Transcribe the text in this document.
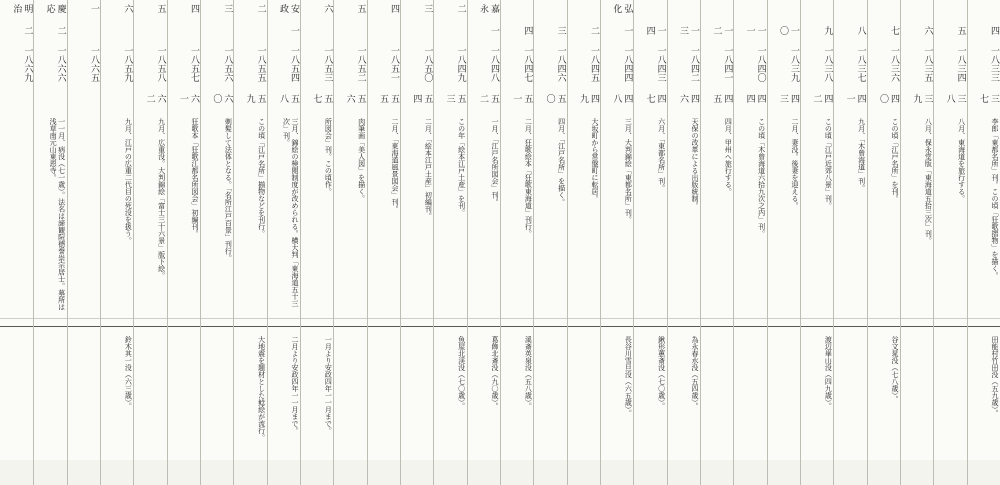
明治
二
一八六九
慶応
二
一八六六
一一月、病没（七一歳）。法名は諦観院德誉崇宗居士。墓所は浅草南元山東恩寺。
一
一八六五
六
一八五九
九月、江戸の広重二代目の死没を扱う。
鈴木其一没（六三歳）。
五
一八五八
六二
九月、広重没。大判錦絵「富士三十六景」版下絵。
四
一八五七
六一
狂歌本「狂歌江都名所図会」初編刊。
三
一八五六
六〇
剃髪して法体となる。「名所江戸百景」刊行。
二
一八五五
五九
この頃「江戸名所」揃物などを刊行。
大地震を題材とした鯰絵が流行。
安政
一
一八五四
五八
三月、錦絵の検閲制度が改められる。横大判「東海道五十三次」刊。
二月より安政四年一一月まで。
六
一八五三
五七
所図会」刊。この頃作。
一月より安政四年一一月まで。
五
一八五二
五六
肉筆画「美人図」を描く。
四
一八五一
五五
二月、「東海道風景図会」刊。
三
一八五〇
五四
二月、「絵本江戸土産」初編刊。
二
一八四九
五三
この年「絵本江戸土産」を刊。
魚屋北渓没（七〇歳）。
嘉永
一
一八四八
五二
一月、「江戸名所図会」刊。
葛飾北斎没（九〇歳）。
四
一八四七
五一
二月、狂歌絵本「狂歌東海道」刊行。
溪斎英泉没（五八歳）。
三
一八四六
五〇
四月、「江戸名所」を描く。
二
一八四五
四九
大坂町から常盤町に転居。
弘化
一
一八四四
四八
三月、大判錦絵「東都名所」刊。
長谷川雪旦没（六五歳）。
一四
一八四三
四七
六月、「東都名所」刊。
鍬形蕙斎没（七〇歳）。
一三
一八四二
四六
天保の改革による出版統制。
為永春水没（五四歳）。
一二
一八四一
四五
四月、甲州へ旅行する。
一一
一八四〇
四四
この頃「木曾海道六拾九次之内」刊。
一〇
一八三九
四三
二月、妻没。後妻を迎える。
九
一八三八
四二
この頃「江戸近郊八景」刊。
渡辺崋山没（四九歳）。
八
一八三七
四一
九月、「木曾海道」刊。
七
一八三六
四〇
この頃「江戸名所」を刊。
谷文晁没（七八歳）。
六
一八三五
三九
八月、保永堂版「東海道五拾三次」刊。
五
一八三四
三八
八月、東海道を旅行する。
四
一八三三
三七
李郎「東都名所」刊。この頃「狂歌摺物」を描く。
田能村竹田没（五九歳）。
